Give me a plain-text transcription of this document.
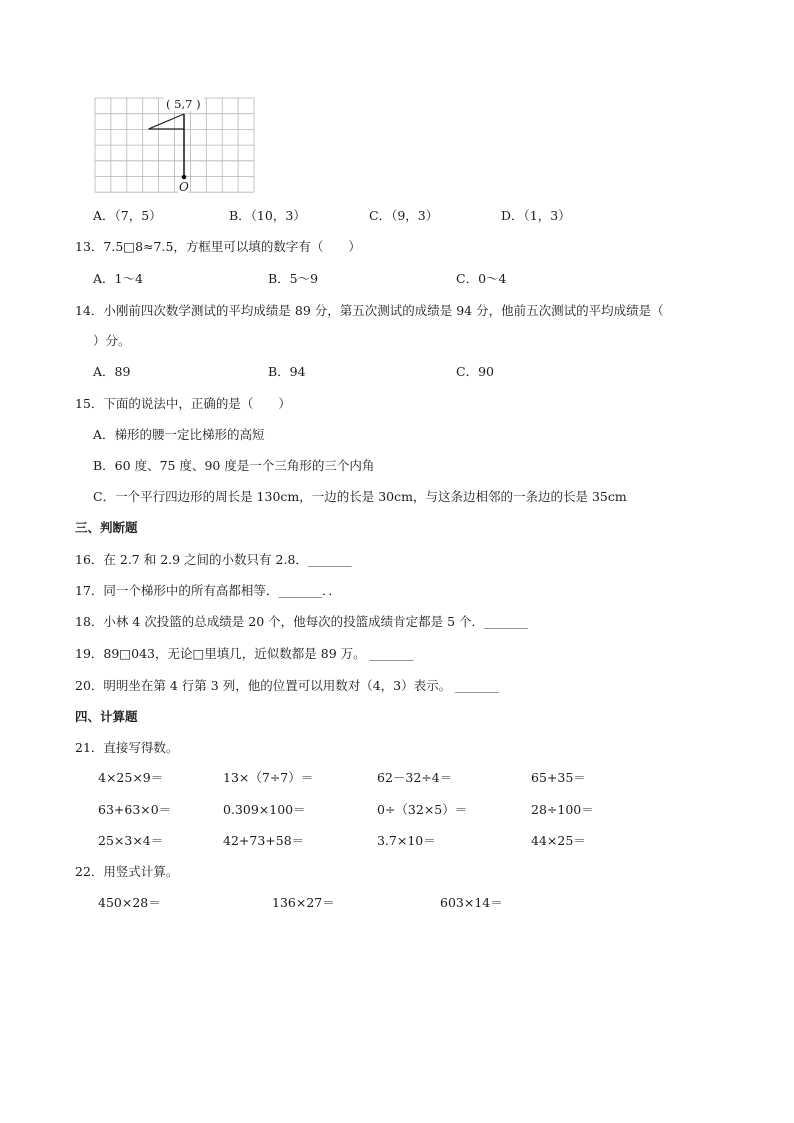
( 5,7 )
O
A．（7，5）	B．（10，3）	C．（9，3）	D．（1，3）
13．7.5□8≈7.5，方框里可以填的数字有（　　）
A．1～4	B．5～9	C．0～4
14．小刚前四次数学测试的平均成绩是 89 分，第五次测试的成绩是 94 分，他前五次测试的平均成绩是（
）分。
A．89	B．94	C．90
15．下面的说法中，正确的是（　　）
A．梯形的腰一定比梯形的高短
B．60 度、75 度、90 度是一个三角形的三个内角
C．一个平行四边形的周长是 130cm，一边的长是 30cm，与这条边相邻的一条边的长是 35cm
三、判断题
16．在 2.7 和 2.9 之间的小数只有 2.8．_______
17．同一个梯形中的所有高都相等．_______．．
18．小林 4 次投篮的总成绩是 20 个，他每次的投篮成绩肯定都是 5 个．_______
19．89□043，无论□里填几，近似数都是 89 万。 _______
20．明明坐在第 4 行第 3 列，他的位置可以用数对（4，3）表示。 _______
四、计算题
21．直接写得数。
4×25×9＝	13×（7÷7）＝	62－32÷4＝	65+35＝
63+63×0＝	0.309×100＝	0÷（32×5）＝	28÷100＝
25×3×4＝	42+73+58＝	3.7×10＝	44×25＝
22．用竖式计算。
450×28＝	136×27＝	603×14＝
